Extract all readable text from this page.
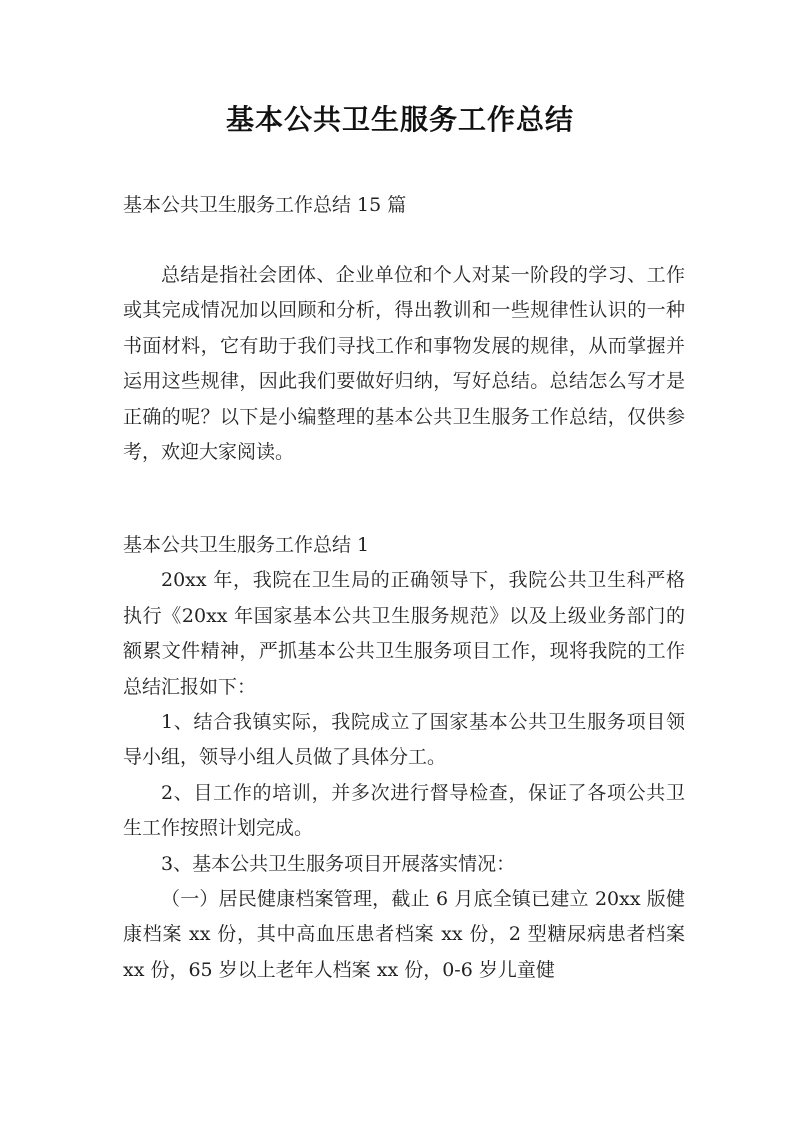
基本公共卫生服务工作总结
基本公共卫生服务工作总结 15 篇

总结是指社会团体、企业单位和个人对某一阶段的学习、工作或其完成情况加以回顾和分析，得出教训和一些规律性认识的一种书面材料，它有助于我们寻找工作和事物发展的规律，从而掌握并运用这些规律，因此我们要做好归纳，写好总结。总结怎么写才是正确的呢？以下是小编整理的基本公共卫生服务工作总结，仅供参考，欢迎大家阅读。

基本公共卫生服务工作总结 1

20xx 年，我院在卫生局的正确领导下，我院公共卫生科严格执行《20xx 年国家基本公共卫生服务规范》以及上级业务部门的额累文件精神，严抓基本公共卫生服务项目工作，现将我院的工作总结汇报如下：

1、结合我镇实际，我院成立了国家基本公共卫生服务项目领导小组，领导小组人员做了具体分工。

2、目工作的培训，并多次进行督导检查，保证了各项公共卫生工作按照计划完成。

3、基本公共卫生服务项目开展落实情况：

（一）居民健康档案管理，截止 6 月底全镇已建立 20xx 版健康档案 xx 份，其中高血压患者档案 xx 份，2 型糖尿病患者档案 xx 份，65 岁以上老年人档案 xx 份，0-6 岁儿童健
